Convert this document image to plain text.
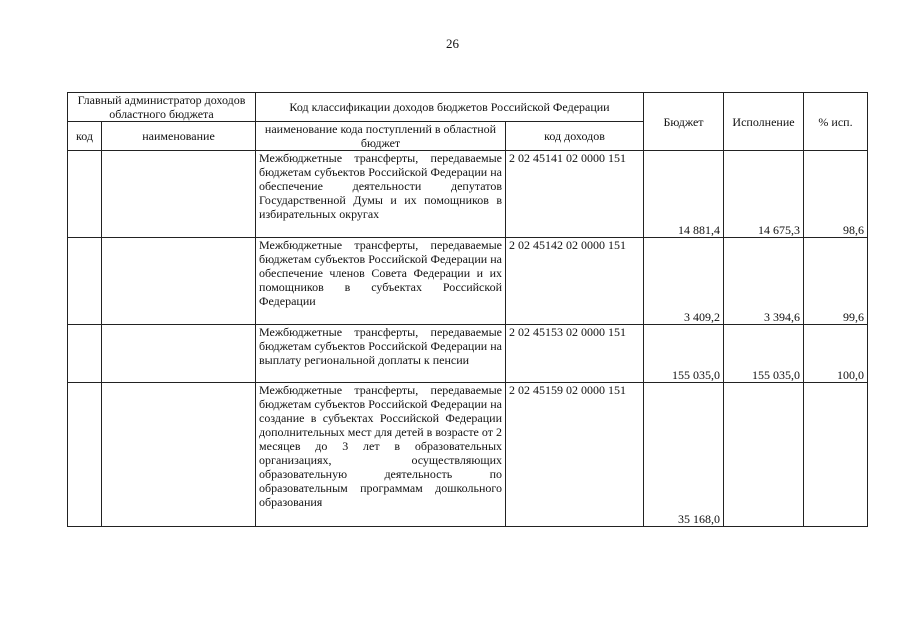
26
Главный администратор доходов областного бюджета		Код классификации доходов бюджетов Российской Федерации		Бюджет	Исполнение	% исп.
код	наименование	наименование кода поступлений в областной бюджет	код доходов			
		Межбюджетные трансферты, передаваемые бюджетам субъектов Российской Федерации на обеспечение деятельности депутатов Государственной Думы и их помощников в избирательных округах	2 02 45141 02 0000 151	14 881,4	14 675,3	98,6
		Межбюджетные трансферты, передаваемые бюджетам субъектов Российской Федерации на обеспечение членов Совета Федерации и их помощников в субъектах Российской Федерации	2 02 45142 02 0000 151	3 409,2	3 394,6	99,6
		Межбюджетные трансферты, передаваемые бюджетам субъектов Российской Федерации на выплату региональной доплаты к пенсии	2 02 45153 02 0000 151	155 035,0	155 035,0	100,0
		Межбюджетные трансферты, передаваемые бюджетам субъектов Российской Федерации на создание в субъектах Российской Федерации дополнительных мест для детей в возрасте от 2 месяцев до 3 лет в образовательных организациях, осуществляющих образовательную деятельность по образовательным программам дошкольного образования	2 02 45159 02 0000 151	35 168,0		
